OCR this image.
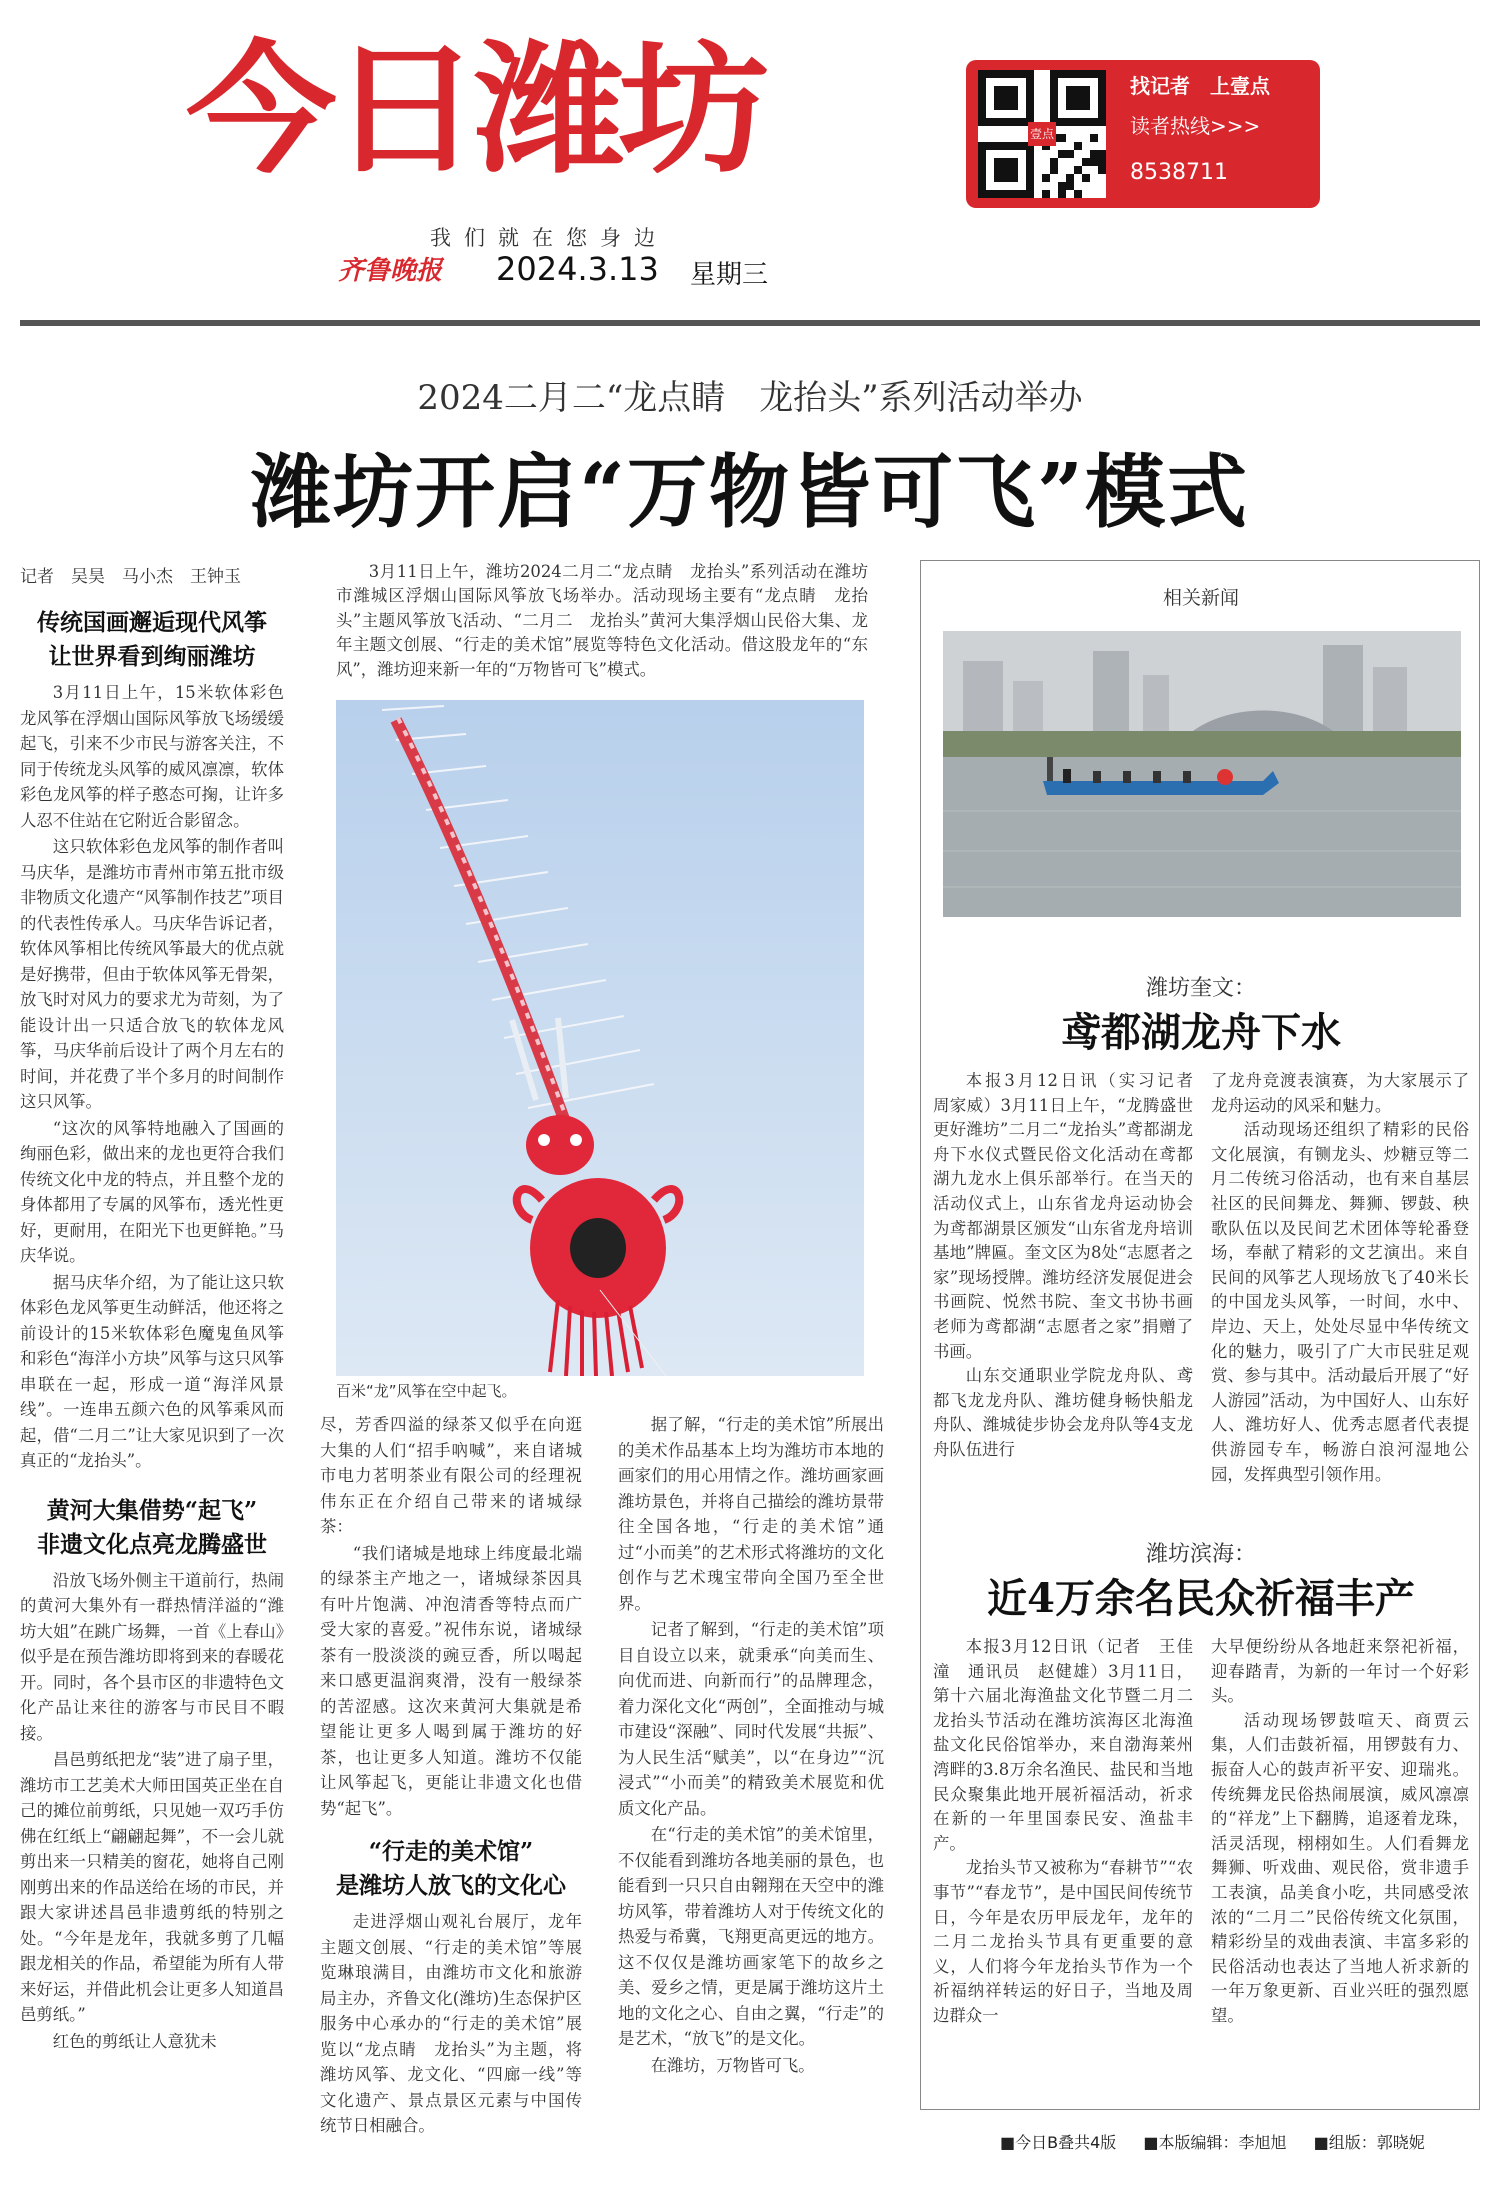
今日潍坊
我们就在您身边
齐鲁晚报 2024.3.13 星期三
壹点
找记者　上壹点
读者热线>>>
8538711
2024二月二“龙点睛　龙抬头”系列活动举办
潍坊开启“万物皆可飞”模式
记者　吴昊　马小杰　王钟玉
传统国画邂逅现代风筝
让世界看到绚丽潍坊

3月11日上午，15米软体彩色龙风筝在浮烟山国际风筝放飞场缓缓起飞，引来不少市民与游客关注，不同于传统龙头风筝的威风凛凛，软体彩色龙风筝的样子憨态可掬，让许多人忍不住站在它附近合影留念。

这只软体彩色龙风筝的制作者叫马庆华，是潍坊市青州市第五批市级非物质文化遗产“风筝制作技艺”项目的代表性传承人。马庆华告诉记者，软体风筝相比传统风筝最大的优点就是好携带，但由于软体风筝无骨架，放飞时对风力的要求尤为苛刻，为了能设计出一只适合放飞的软体龙风筝，马庆华前后设计了两个月左右的时间，并花费了半个多月的时间制作这只风筝。

“这次的风筝特地融入了国画的绚丽色彩，做出来的龙也更符合我们传统文化中龙的特点，并且整个龙的身体都用了专属的风筝布，透光性更好，更耐用，在阳光下也更鲜艳。”马庆华说。

据马庆华介绍，为了能让这只软体彩色龙风筝更生动鲜活，他还将之前设计的15米软体彩色魔鬼鱼风筝和彩色“海洋小方块”风筝与这只风筝串联在一起，形成一道“海洋风景线”。一连串五颜六色的风筝乘风而起，借“二月二”让大家见识到了一次真正的“龙抬头”。

黄河大集借势“起飞”
非遗文化点亮龙腾盛世

沿放飞场外侧主干道前行，热闹的黄河大集外有一群热情洋溢的“潍坊大姐”在跳广场舞，一首《上春山》似乎是在预告潍坊即将到来的春暖花开。同时，各个县市区的非遗特色文化产品让来往的游客与市民目不暇接。

昌邑剪纸把龙“装”进了扇子里，潍坊市工艺美术大师田国英正坐在自己的摊位前剪纸，只见她一双巧手仿佛在红纸上“翩翩起舞”，不一会儿就剪出来一只精美的窗花，她将自己刚刚剪出来的作品送给在场的市民，并跟大家讲述昌邑非遗剪纸的特别之处。“今年是龙年，我就多剪了几幅跟龙相关的作品，希望能为所有人带来好运，并借此机会让更多人知道昌邑剪纸。”

红色的剪纸让人意犹未

3月11日上午，潍坊2024二月二“龙点睛　龙抬头”系列活动在潍坊市潍城区浮烟山国际风筝放飞场举办。活动现场主要有“龙点睛　龙抬头”主题风筝放飞活动、“二月二　龙抬头”黄河大集浮烟山民俗大集、龙年主题文创展、“行走的美术馆”展览等特色文化活动。借这股龙年的“东风”，潍坊迎来新一年的“万物皆可飞”模式。

百米“龙”风筝在空中起飞。

尽，芳香四溢的绿茶又似乎在向逛大集的人们“招手吶喊”，来自诸城市电力茗明茶业有限公司的经理祝伟东正在介绍自己带来的诸城绿茶：

“我们诸城是地球上纬度最北端的绿茶主产地之一，诸城绿茶因具有叶片饱满、冲泡清香等特点而广受大家的喜爱。”祝伟东说，诸城绿茶有一股淡淡的豌豆香，所以喝起来口感更温润爽滑，没有一般绿茶的苦涩感。这次来黄河大集就是希望能让更多人喝到属于潍坊的好茶，也让更多人知道。潍坊不仅能让风筝起飞，更能让非遗文化也借势“起飞”。

“行走的美术馆”
是潍坊人放飞的文化心

走进浮烟山观礼台展厅，龙年主题文创展、“行走的美术馆”等展览琳琅满目，由潍坊市文化和旅游局主办，齐鲁文化(潍坊)生态保护区服务中心承办的“行走的美术馆”展览以“龙点睛　龙抬头”为主题，将潍坊风筝、龙文化、“四廊一线”等文化遗产、景点景区元素与中国传统节日相融合。

据了解，“行走的美术馆”所展出的美术作品基本上均为潍坊市本地的画家们的用心用情之作。潍坊画家画潍坊景色，并将自己描绘的潍坊景带往全国各地，“行走的美术馆”通过“小而美”的艺术形式将潍坊的文化创作与艺术瑰宝带向全国乃至全世界。

记者了解到，“行走的美术馆”项目自设立以来，就秉承“向美而生、向优而进、向新而行”的品牌理念，着力深化文化“两创”，全面推动与城市建设“深融”、同时代发展“共振”、为人民生活“赋美”，以“在身边”“沉浸式”“小而美”的精致美术展览和优质文化产品。

在“行走的美术馆”的美术馆里，不仅能看到潍坊各地美丽的景色，也能看到一只只自由翱翔在天空中的潍坊风筝，带着潍坊人对于传统文化的热爱与希冀，飞翔更高更远的地方。这不仅仅是潍坊画家笔下的故乡之美、爱乡之情，更是属于潍坊这片土地的文化之心、自由之翼，“行走”的是艺术，“放飞”的是文化。

在潍坊，万物皆可飞。

相关新闻
潍坊奎文：
鸢都湖龙舟下水

本报3月12日讯（实习记者　周家威）3月11日上午，“龙腾盛世　更好潍坊”二月二“龙抬头”鸢都湖龙舟下水仪式暨民俗文化活动在鸢都湖九龙水上俱乐部举行。在当天的活动仪式上，山东省龙舟运动协会为鸢都湖景区颁发“山东省龙舟培训基地”牌匾。奎文区为8处“志愿者之家”现场授牌。潍坊经济发展促进会书画院、悦然书院、奎文书协书画老师为鸢都湖“志愿者之家”捐赠了书画。

山东交通职业学院龙舟队、鸢都飞龙龙舟队、潍坊健身畅快船龙舟队、潍城徒步协会龙舟队等4支龙舟队伍进行

了龙舟竞渡表演赛，为大家展示了龙舟运动的风采和魅力。

活动现场还组织了精彩的民俗文化展演，有铡龙头、炒糖豆等二月二传统习俗活动，也有来自基层社区的民间舞龙、舞狮、锣鼓、秧歌队伍以及民间艺术团体等轮番登场，奉献了精彩的文艺演出。来自民间的风筝艺人现场放飞了40米长的中国龙头风筝，一时间，水中、岸边、天上，处处尽显中华传统文化的魅力，吸引了广大市民驻足观赏、参与其中。活动最后开展了“好人游园”活动，为中国好人、山东好人、潍坊好人、优秀志愿者代表提供游园专车，畅游白浪河湿地公园，发挥典型引领作用。

潍坊滨海：
近4万余名民众祈福丰产

本报3月12日讯（记者　王佳潼　通讯员　赵健雄）3月11日，第十六届北海渔盐文化节暨二月二龙抬头节活动在潍坊滨海区北海渔盐文化民俗馆举办，来自渤海莱州湾畔的3.8万余名渔民、盐民和当地民众聚集此地开展祈福活动，祈求在新的一年里国泰民安、渔盐丰产。

龙抬头节又被称为“春耕节”“农事节”“春龙节”，是中国民间传统节日，今年是农历甲辰龙年，龙年的二月二龙抬头节具有更重要的意义，人们将今年龙抬头节作为一个祈福纳祥转运的好日子，当地及周边群众一

大早便纷纷从各地赶来祭祀祈福，迎春踏青，为新的一年讨一个好彩头。

活动现场锣鼓喧天、商贾云集，人们击鼓祈福，用锣鼓有力、振奋人心的鼓声祈平安、迎瑞兆。传统舞龙民俗热闹展演，威风凛凛的“祥龙”上下翻腾，追逐着龙珠，活灵活现，栩栩如生。人们看舞龙舞狮、听戏曲、观民俗，赏非遗手工表演，品美食小吃，共同感受浓浓的“二月二”民俗传统文化氛围，精彩纷呈的戏曲表演、丰富多彩的民俗活动也表达了当地人祈求新的一年万象更新、百业兴旺的强烈愿望。

■今日B叠共4版 ■本版编辑：李旭旭 ■组版：郭晓妮
